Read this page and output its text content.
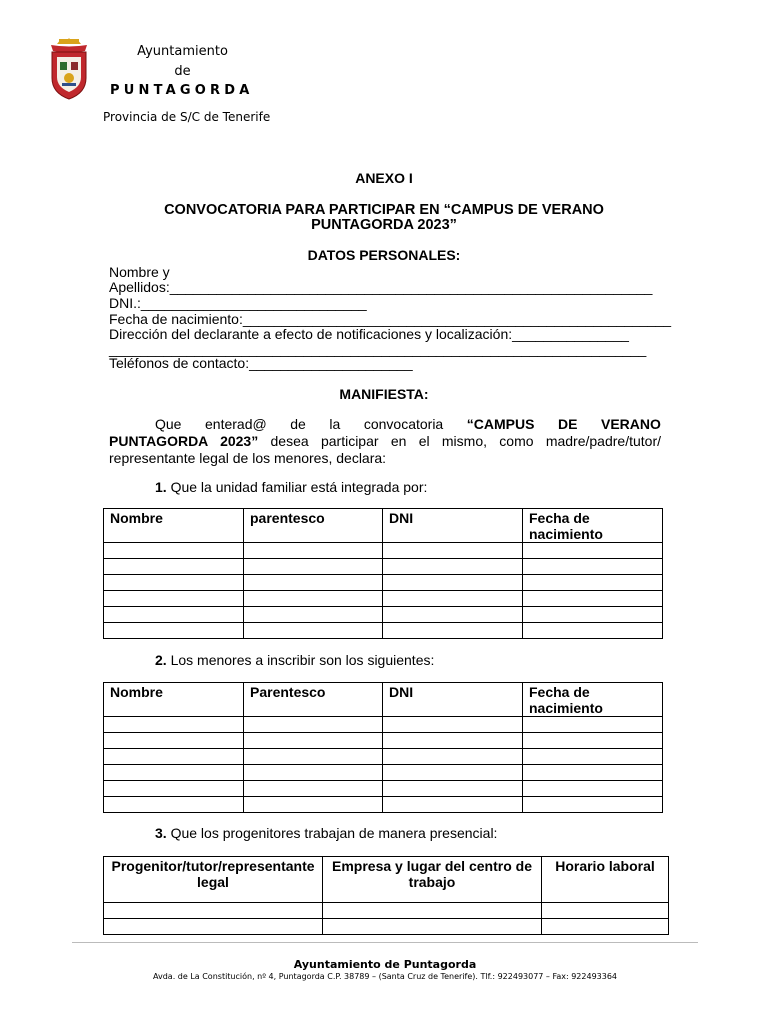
Ayuntamiento
de
PUNTAGORDA
Provincia de S/C de Tenerife
ANEXO I
CONVOCATORIA PARA PARTICIPAR EN “CAMPUS DE VERANO
PUNTAGORDA 2023”
DATOS PERSONALES:
Nombre y
Apellidos:______________________________________________________________
DNI.:_____________________________
Fecha de nacimiento:_______________________________________________________
Dirección del declarante a efecto de notificaciones y localización:_______________
_____________________________________________________________________
Teléfonos de contacto:_____________________
MANIFIESTA:
Que enterad@ de la convocatoria “CAMPUS DE VERANO
PUNTAGORDA 2023” desea participar en el mismo, como madre/padre/tutor/
representante legal de los menores, declara:
1. Que la unidad familiar está integrada por:
Nombre	parentesco	DNI	Fecha de nacimiento

2. Los menores a inscribir son los siguientes:
Nombre	Parentesco	DNI	Fecha de nacimiento

3. Que los progenitores trabajan de manera presencial:
Progenitor/tutor/representante legal	Empresa y lugar del centro de trabajo	Horario laboral

Ayuntamiento de Puntagorda
Avda. de La Constitución, nº 4, Puntagorda C.P. 38789 – (Santa Cruz de Tenerife). Tlf.: 922493077 – Fax: 922493364
